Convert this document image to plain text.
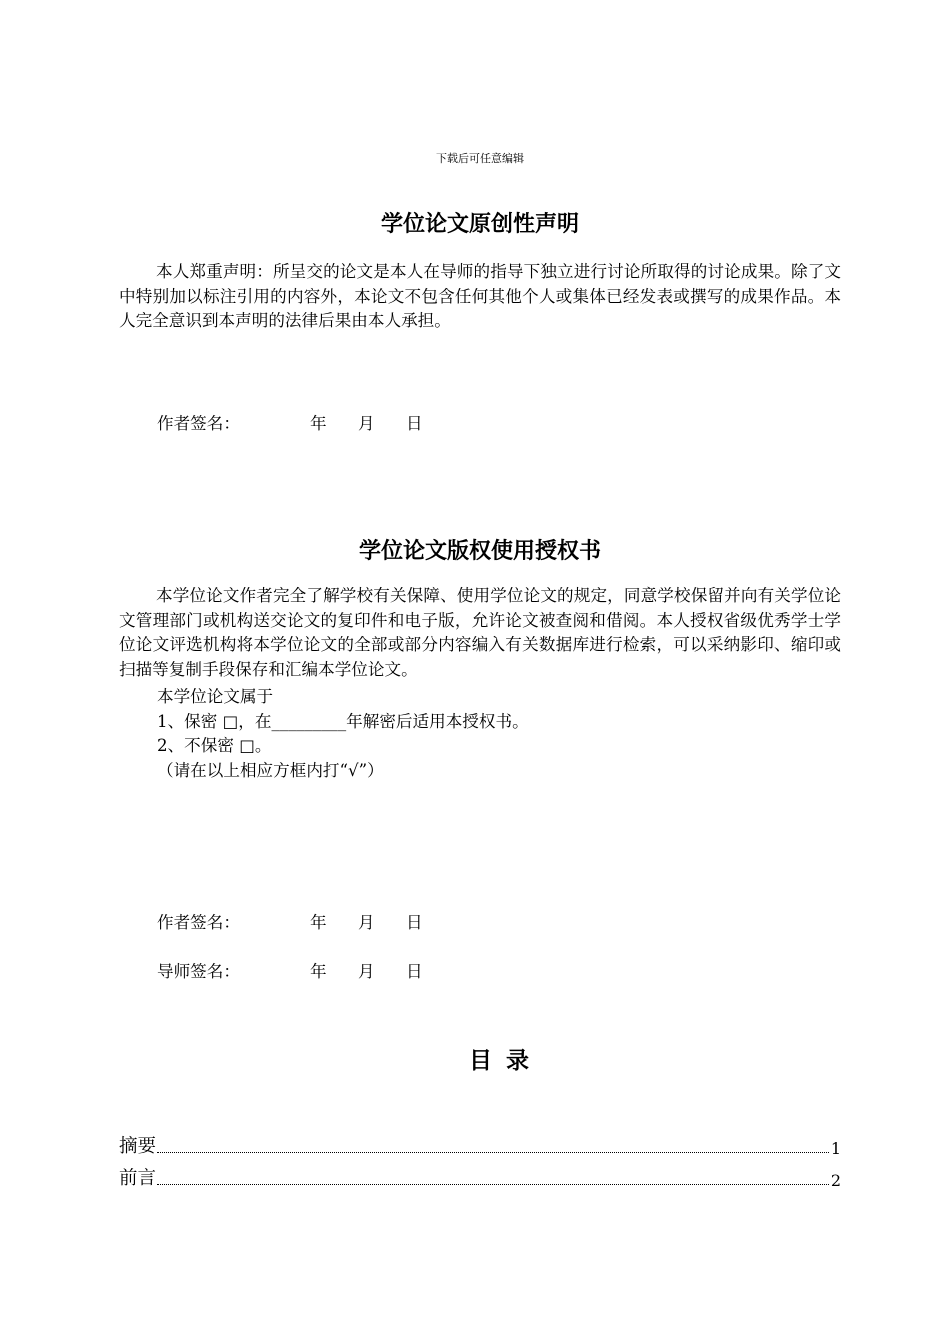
下载后可任意编辑
学位论文原创性声明

本人郑重声明：所呈交的论文是本人在导师的指导下独立进行讨论所取得的讨论成果。除了文中特别加以标注引用的内容外，本论文不包含任何其他个人或集体已经发表或撰写的成果作品。本人完全意识到本声明的法律后果由本人承担。

作者签名：	年	月	日
学位论文版权使用授权书

本学位论文作者完全了解学校有关保障、使用学位论文的规定，同意学校保留并向有关学位论文管理部门或机构送交论文的复印件和电子版，允许论文被查阅和借阅。本人授权省级优秀学士学位论文评选机构将本学位论文的全部或部分内容编入有关数据库进行检索，可以采纳影印、缩印或扫描等复制手段保存和汇编本学位论文。

本学位论文属于
1、保密 □，在_________年解密后适用本授权书。
2、不保密 □。
（请在以上相应方框内打“√”）
作者签名：	年	月	日
导师签名：	年	月	日
目录
摘要	1
前言	2
